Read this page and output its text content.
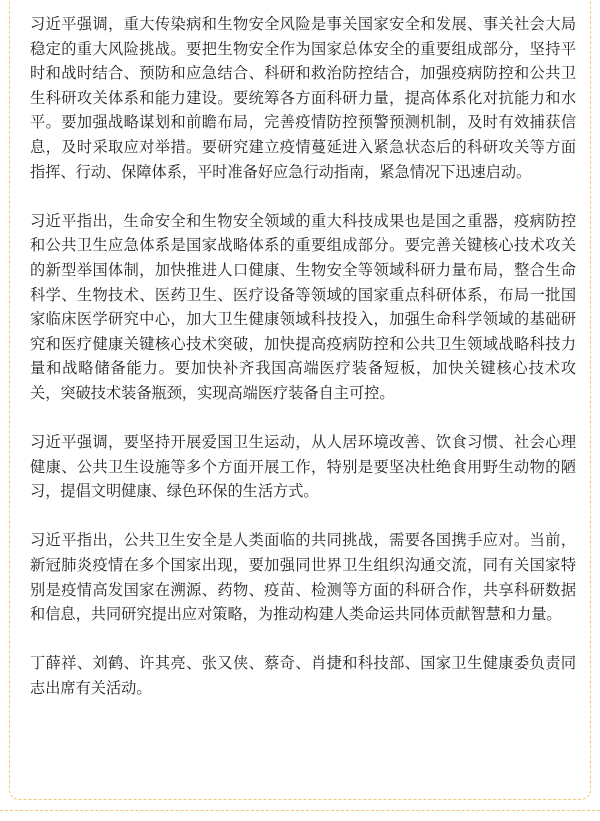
习近平强调，重大传染病和生物安全风险是事关国家安全和发展、事关社会大局稳定的重大风险挑战。要把生物安全作为国家总体安全的重要组成部分，坚持平时和战时结合、预防和应急结合、科研和救治防控结合，加强疫病防控和公共卫生科研攻关体系和能力建设。要统筹各方面科研力量，提高体系化对抗能力和水平。要加强战略谋划和前瞻布局，完善疫情防控预警预测机制，及时有效捕获信息，及时采取应对举措。要研究建立疫情蔓延进入紧急状态后的科研攻关等方面指挥、行动、保障体系，平时准备好应急行动指南，紧急情况下迅速启动。

习近平指出，生命安全和生物安全领域的重大科技成果也是国之重器，疫病防控和公共卫生应急体系是国家战略体系的重要组成部分。要完善关键核心技术攻关的新型举国体制，加快推进人口健康、生物安全等领域科研力量布局，整合生命科学、生物技术、医药卫生、医疗设备等领域的国家重点科研体系，布局一批国家临床医学研究中心，加大卫生健康领域科技投入，加强生命科学领域的基础研究和医疗健康关键核心技术突破，加快提高疫病防控和公共卫生领域战略科技力量和战略储备能力。要加快补齐我国高端医疗装备短板，加快关键核心技术攻关，突破技术装备瓶颈，实现高端医疗装备自主可控。

习近平强调，要坚持开展爱国卫生运动，从人居环境改善、饮食习惯、社会心理健康、公共卫生设施等多个方面开展工作，特别是要坚决杜绝食用野生动物的陋习，提倡文明健康、绿色环保的生活方式。

习近平指出，公共卫生安全是人类面临的共同挑战，需要各国携手应对。当前，新冠肺炎疫情在多个国家出现，要加强同世界卫生组织沟通交流，同有关国家特别是疫情高发国家在溯源、药物、疫苗、检测等方面的科研合作，共享科研数据和信息，共同研究提出应对策略，为推动构建人类命运共同体贡献智慧和力量。

丁薛祥、刘鹤、许其亮、张又侠、蔡奇、肖捷和科技部、国家卫生健康委负责同志出席有关活动。
